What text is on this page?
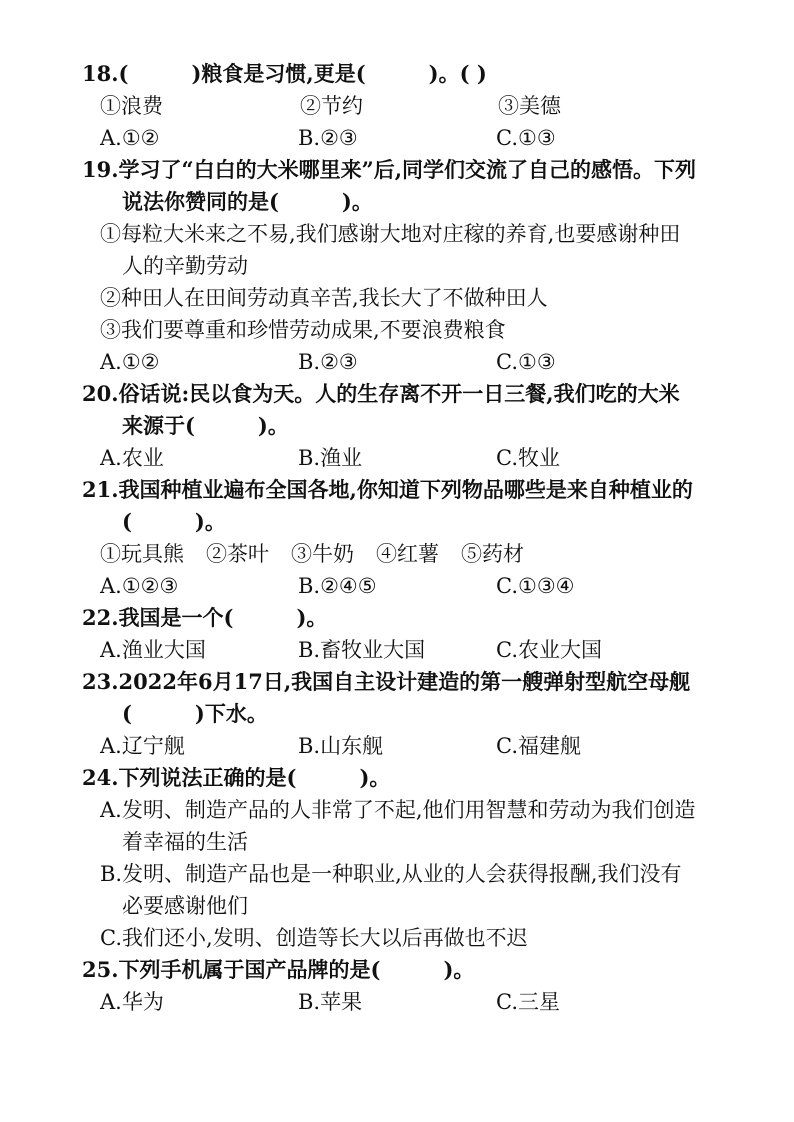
18.(　　　)粮食是习惯,更是(　　　)。( )
①浪费	②节约	③美德
A.①②	B.②③	C.①③
19.学习了“白白的大米哪里来”后,同学们交流了自己的感悟。下列
说法你赞同的是(　　　)。
①每粒大米来之不易,我们感谢大地对庄稼的养育,也要感谢种田
人的辛勤劳动
②种田人在田间劳动真辛苦,我长大了不做种田人
③我们要尊重和珍惜劳动成果,不要浪费粮食
A.①②	B.②③	C.①③
20.俗话说:民以食为天。人的生存离不开一日三餐,我们吃的大米
来源于(　　　)。
A.农业	B.渔业	C.牧业
21.我国种植业遍布全国各地,你知道下列物品哪些是来自种植业的
(　　　)。
①玩具熊 ②茶叶 ③牛奶 ④红薯 ⑤药材
A.①②③	B.②④⑤	C.①③④
22.我国是一个(　　　)。
A.渔业大国	B.畜牧业大国	C.农业大国
23.2022年6月17日,我国自主设计建造的第一艘弹射型航空母舰
(　　　)下水。
A.辽宁舰	B.山东舰	C.福建舰
24.下列说法正确的是(　　　)。
A.发明、制造产品的人非常了不起,他们用智慧和劳动为我们创造
着幸福的生活
B.发明、制造产品也是一种职业,从业的人会获得报酬,我们没有
必要感谢他们
C.我们还小,发明、创造等长大以后再做也不迟
25.下列手机属于国产品牌的是(　　　)。
A.华为	B.苹果	C.三星
